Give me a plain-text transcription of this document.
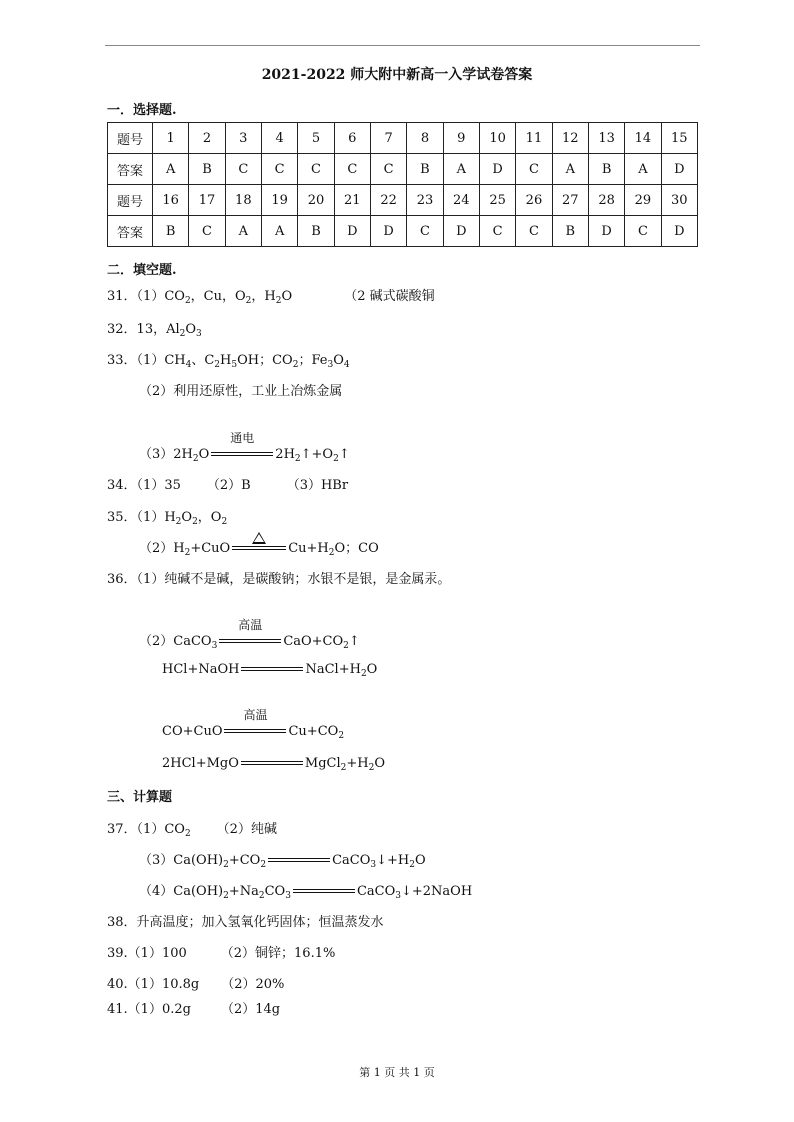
2021-2022 师大附中新高一入学试卷答案
一．选择题.
题号	1	2	3	4	5	6	7	8	9	10	11	12	13	14	15
答案	A	B	C	C	C	C	C	B	A	D	C	A	B	A	D
题号	16	17	18	19	20	21	22	23	24	25	26	27	28	29	30
答案	B	C	A	A	B	D	D	C	D	C	C	B	D	C	D
二．填空题.
31．$(1)CO_2$，Cu，$O_2$，$H_2O$	（2 碱式碳酸铜
32．13，$Al_2O_3$
33．$(1)CH_4$、$C_2H_5OH$；$CO_2$；$Fe_3O_4$
（2）利用还原性，工业上冶炼金属
$(3)2H_2O$
通电
$2H_2↑+O_2↑$
34．（1）35 （2）B	（3）HBr
35．$(1)H_2O_2$，$O_2$
$(2)H_2+CuO$	$Cu+H_2O$；CO
36．（1）纯碱不是碱，是碳酸钠；水银不是银，是金属汞。
（2）CaCO$_3$
高温
$CaO+CO_2↑$
HCl+NaOH	$NaCl+H_2O$
CO+CuO
高温
$Cu+CO_2$
2HCl+MgO	$MgCl_2+H_2O$
三、计算题
37．$(1)CO_2$ （2）纯碱
$(3)Ca(OH)_2+CO_2$	$CaCO_3↓+H_2O$
$(4)Ca(OH)_2+Na_2CO_3$	CaCO$_3$↓+2NaOH
38．升高温度；加入氢氧化钙固体；恒温蒸发水
39.（1）100	（2）铜锌；16.1%
40.（1）10.8g （2）20%
41.（1）0.2g （2）14g
第 1 页 共 1 页
